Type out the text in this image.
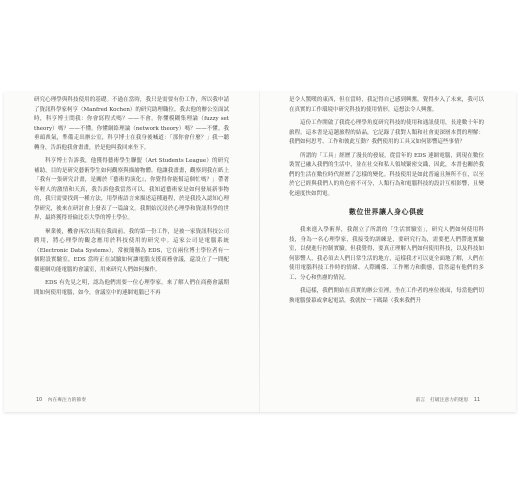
研究心理學與科技使用的基礎。不過在當時，我只是需要有份工作，所以我申請了資訊科學家柯亨（Manfred Kochen）的研究助理職位。我去他的辦公室面試時，科亨博士問我：你會寫程式嗎？——不會。你懂模糊集理論（fuzzy set theory）嗎？——不懂。你懂網絡理論（network theory）嗎？——不懂。我垂頭喪氣，準備走出辦公室，科亨博士在我身後喊道：「那你會什麼？」我一聽轉身，告訴他我會畫畫，於是他叫我回來坐下。

科亨博士告訴我，他獲得藝術學生聯盟（Art Students League）的研究補助，目的是研究藝術學生如何觀察與描繪物體。他讓我畫畫，觀察到我在紙上「我有一張研究計畫，是關於『藝術的演化』，你覺得你能幫這個忙嗎？」帶著年輕人的激情和天真，我告訴他我當然可以。我知道藝術家是如何發展新事物的，我只需要找到一種方法，用學術語言來描述這種過程，於是我投入認知心理學研究，後來在研討會上發表了一篇論文。我開始沉浸於心理學和資訊科學的世界，最終獲得哥倫比亞大學的博士學位。

畢業後，機會再次出現在我面前，我的第一份工作，是被一家資訊科技公司聘用，將心理學的觀念應用於科技使用的研究中。這家公司是電腦系統（Electronic Data Systems），常被簡稱為 EDS，它在兩位博士學位者有一個附設實驗室，EDS 當時正在試驗如何讓電腦支援商務會議，還設立了一間配備連網功能電腦的會議室，用來研究人們如何操作。

EDS 有先見之明，認為他們需要一位心理學家，來了解人們在商務會議期間如何使用電腦，如今，會議室中的連網電腦已不再

是令人驚嘆的東西，但在當時，我記得自己感到興奮，覺得步入了未來，我可以在真實的工作環境中研究科技的使用情形，這想法令人興奮。

這份工作開啟了我從心理學角度研究科技的使用和通訊使用，長達數十年的旅程。這本書是這趟旅程的結晶，它記錄了我對人類和社會更深層本質的理解：我們如何思考、工作和彼此互動？我們使用的工具又如何影響這些事情？

所謂的「工具」經歷了漫長的發展，從當年的 EDS 連網電腦，到現在數位裝置已融入我們的生活中，並在社交和私人領域緊密交織，因此，本書也關於我們的生活在數位時代經歷了怎樣的變化。科技使用是如此普遍且無所不在，以至於它已經與我們人的角色密不可分，人類行為和電腦科技的設計互相影響，且變化速度快如閃電。

數位世界讓人身心俱疲

我來進入學術界，我創立了所謂的「生活實驗室」，研究人們如何使用科技，身為一名心理學家，我接受的訓練是，要研究行為，需要把人們帶進實驗室，以便進行控制實驗。但我覺得，要真正理解人們如何使用科技，以及科技如何影響人，我必須去人們日常生活的地方，這樣我才可以更全面地了解，人們在使用電腦科技工作時的情緒、人際關係、工作壓力和動態，當然還有他們的多工、分心和焦慮的情況。

我這樣，我們開始在真實的辦公室裡，坐在工作者的座位後面，每當他們切換電腦螢幕或拿起電話，我就按一下碼錶（我來我們升

10 內在專注力的節奏	前言　打破注意力的迷思 11
